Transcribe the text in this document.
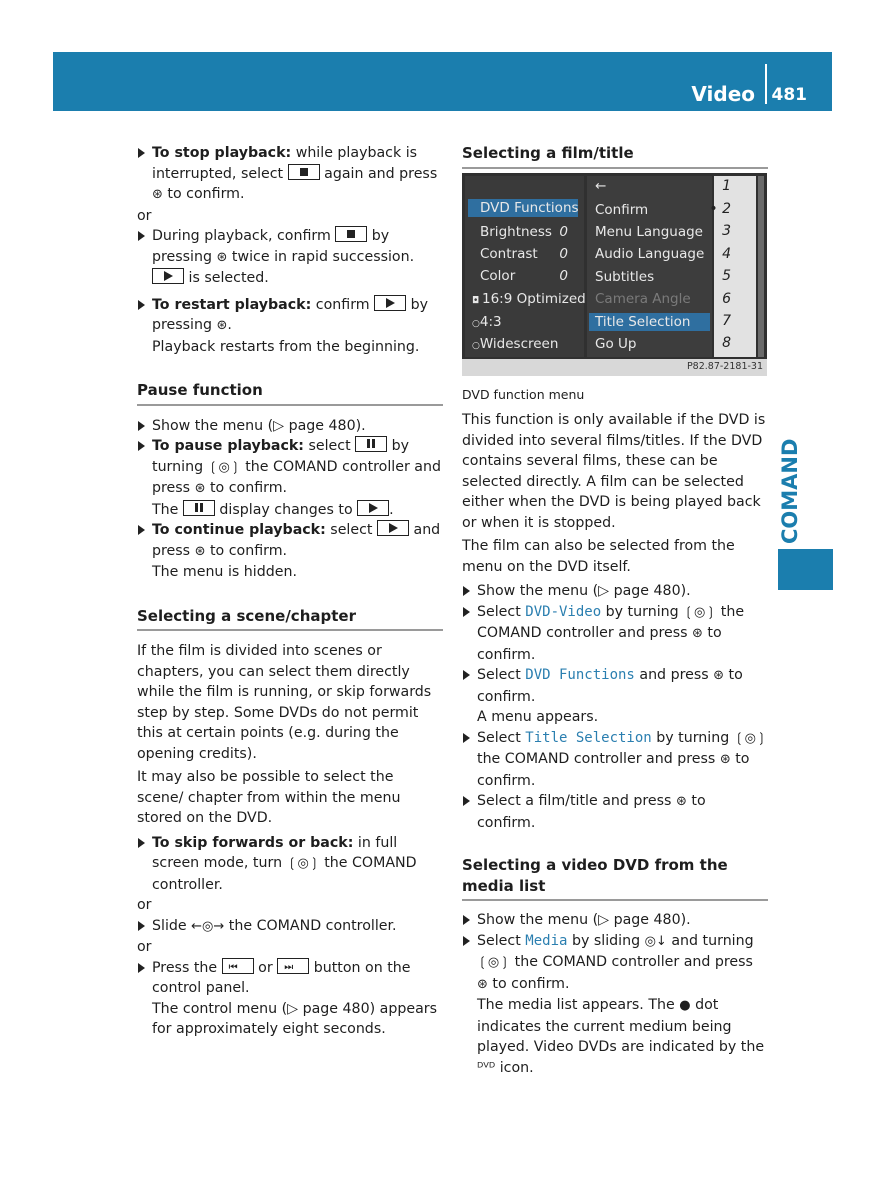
Video 481
COMAND

To stop playback: while playback is interrupted, select  again and press ⊛ to confirm.

or

During playback, confirm  by pressing ⊛ twice in rapid succession.
is selected.

To restart playback: confirm  by pressing ⊛.
Playback restarts from the beginning.

Pause function

Show the menu (▷ page 480).

To pause playback: select  by turning ❲◎❳ the COMAND controller and press ⊛ to confirm.
The  display changes to .

To continue playback: select  and press ⊛ to confirm.
The menu is hidden.

Selecting a scene/chapter

If the film is divided into scenes or chapters, you can select them directly while the film is running, or skip forwards step by step. Some DVDs do not permit this at certain points (e.g. during the opening credits).

It may also be possible to select the scene/ chapter from within the menu stored on the DVD.

To skip forwards or back: in full screen mode, turn ❲◎❳ the COMAND controller.

or

Slide ←◎→ the COMAND controller.

or

Press the ⏮ or ⏭ button on the control panel.
The control menu (▷ page 480) appears for approximately eight seconds.

Selecting a film/title
DVD Functions
Brightness 0
Contrast 0
Color	0
◘ 16:9 Optimized
○4:3
○Widescreen
←
Confirm
Menu Language
Audio Language
Subtitles
Camera Angle
Title Selection
Go Up
1
• 2
3
4
5
6
7
8
P82.87-2181-31
DVD function menu

This function is only available if the DVD is divided into several films/titles. If the DVD contains several films, these can be selected directly. A film can be selected either when the DVD is being played back or when it is stopped.

The film can also be selected from the menu on the DVD itself.

Show the menu (▷ page 480).

Select DVD-Video by turning ❲◎❳ the COMAND controller and press ⊛ to confirm.

Select DVD Functions and press ⊛ to confirm.
A menu appears.

Select Title Selection by turning ❲◎❳ the COMAND controller and press ⊛ to confirm.

Select a film/title and press ⊛ to confirm.

Selecting a video DVD from the media list

Show the menu (▷ page 480).

Select Media by sliding ◎↓ and turning ❲◎❳ the COMAND controller and press ⊛ to confirm.
The media list appears. The ● dot indicates the current medium being played. Video DVDs are indicated by the ᴰⱽᴰ icon.
